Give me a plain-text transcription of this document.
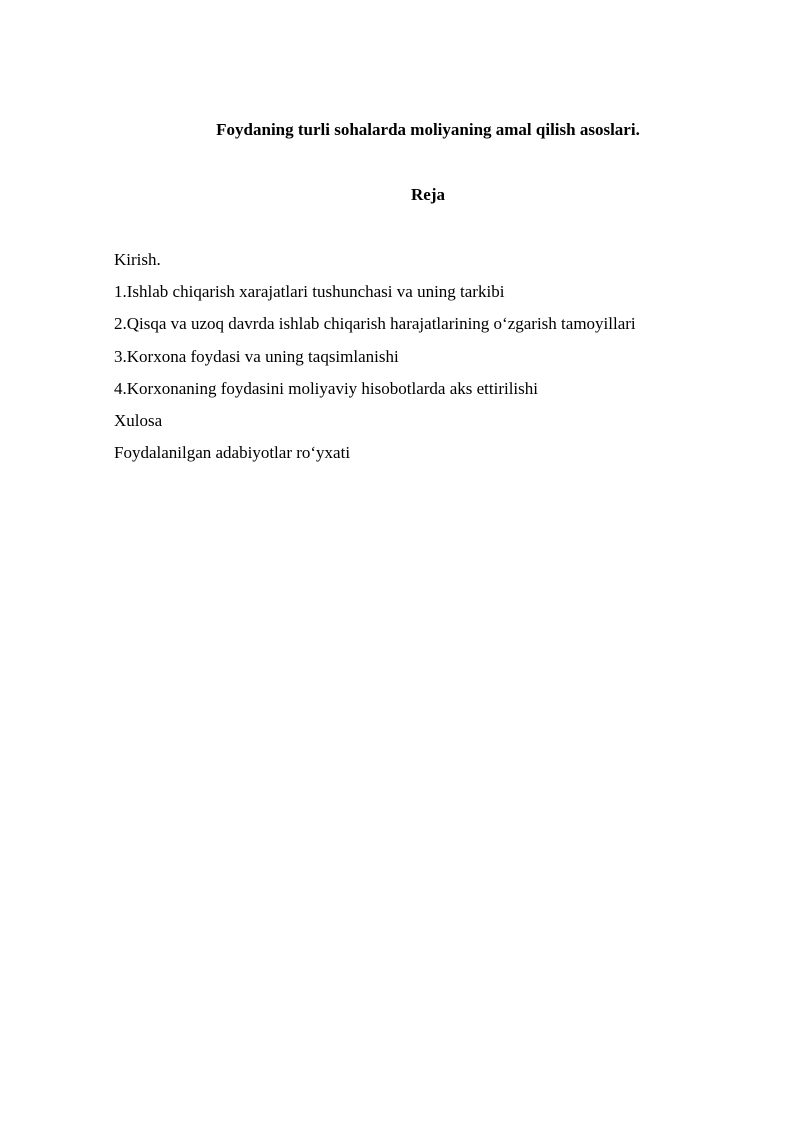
Foydaning turli sohalarda moliyaning amal qilish asoslari.
Reja
Kirish.
1.Ishlab chiqarish xarajatlari tushunchasi va uning tarkibi
2.Qisqa va uzoq davrda ishlab chiqarish harajatlarining o‘zgarish tamoyillari
3.Korxona foydasi va uning taqsimlanishi
4.Korxonaning foydasini moliyaviy hisobotlarda aks ettirilishi
Xulosa
Foydalanilgan adabiyotlar ro‘yxati
